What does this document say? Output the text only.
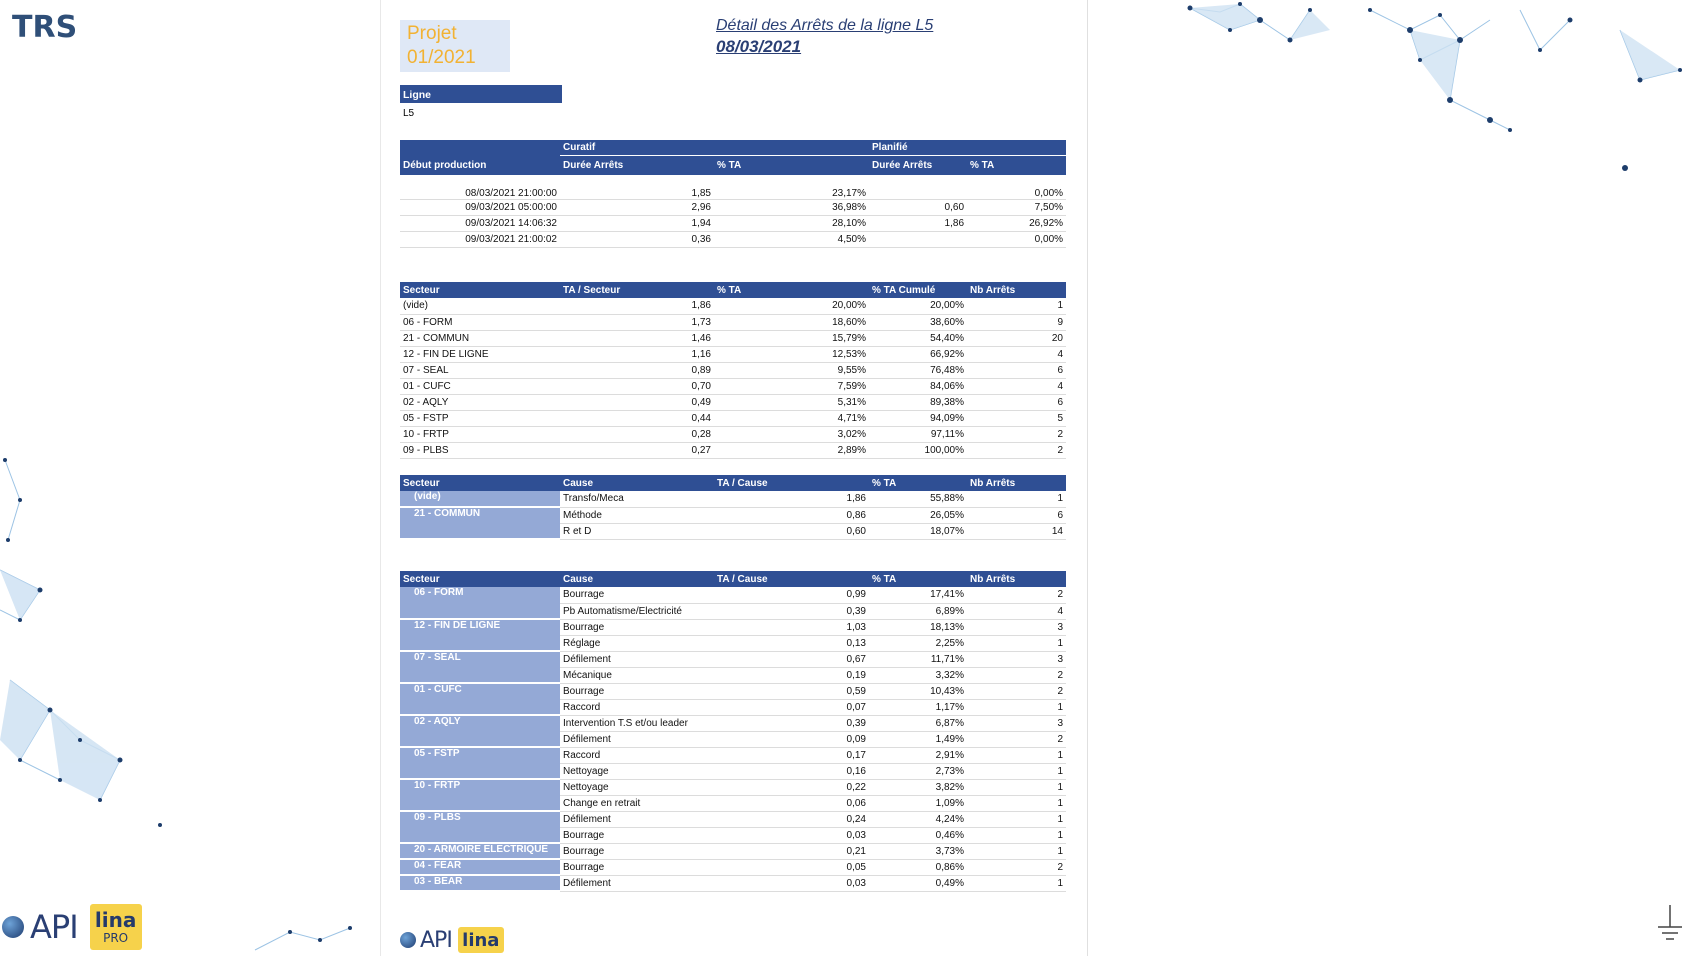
TRS	Projet
01/2021
Détail des Arrêts de la ligne L5
08/03/2021
Ligne
L5
	Curatif		Planifié	
Début production	Durée Arrêts	% TA	Durée Arrêts	% TA
08/03/2021 21:00:00	1,85	23,17%		0,00%
09/03/2021 05:00:00	2,96	36,98%	0,60	7,50%
09/03/2021 14:06:32	1,94	28,10%	1,86	26,92%
09/03/2021 21:00:02	0,36	4,50%		0,00%
Secteur	TA / Secteur	% TA	% TA Cumulé	Nb Arrêts
(vide)	1,86	20,00%	20,00%	1
06 - FORM	1,73	18,60%	38,60%	9
21 - COMMUN	1,46	15,79%	54,40%	20
12 - FIN DE LIGNE	1,16	12,53%	66,92%	4
07 - SEAL	0,89	9,55%	76,48%	6
01 - CUFC	0,70	7,59%	84,06%	4
02 - AQLY	0,49	5,31%	89,38%	6
05 - FSTP	0,44	4,71%	94,09%	5
10 - FRTP	0,28	3,02%	97,11%	2
09 - PLBS	0,27	2,89%	100,00%	2
Secteur	Cause	TA / Cause	% TA	Nb Arrêts
(vide)	Transfo/Meca	1,86	55,88%	1
21 - COMMUN	Méthode	0,86	26,05%	6
	R et D	0,60	18,07%	14
Secteur	Cause	TA / Cause	% TA	Nb Arrêts
06 - FORM	Bourrage	0,99	17,41%	2
	Pb Automatisme/Electricité	0,39	6,89%	4
12 - FIN DE LIGNE	Bourrage	1,03	18,13%	3
	Réglage	0,13	2,25%	1
07 - SEAL	Défilement	0,67	11,71%	3
	Mécanique	0,19	3,32%	2
01 - CUFC	Bourrage	0,59	10,43%	2
	Raccord	0,07	1,17%	1
02 - AQLY	Intervention T.S et/ou leader	0,39	6,87%	3
	Défilement	0,09	1,49%	2
05 - FSTP	Raccord	0,17	2,91%	1
	Nettoyage	0,16	2,73%	1
10 - FRTP	Nettoyage	0,22	3,82%	1
	Change en retrait	0,06	1,09%	1
09 - PLBS	Défilement	0,24	4,24%	1
	Bourrage	0,03	0,46%	1
20 - ARMOIRE ELECTRIQUE	Bourrage	0,21	3,73%	1
04 - FEAR	Bourrage	0,05	0,86%	2
03 - BEAR	Défilement	0,03	0,49%	1
API lina
PRO	API lina
